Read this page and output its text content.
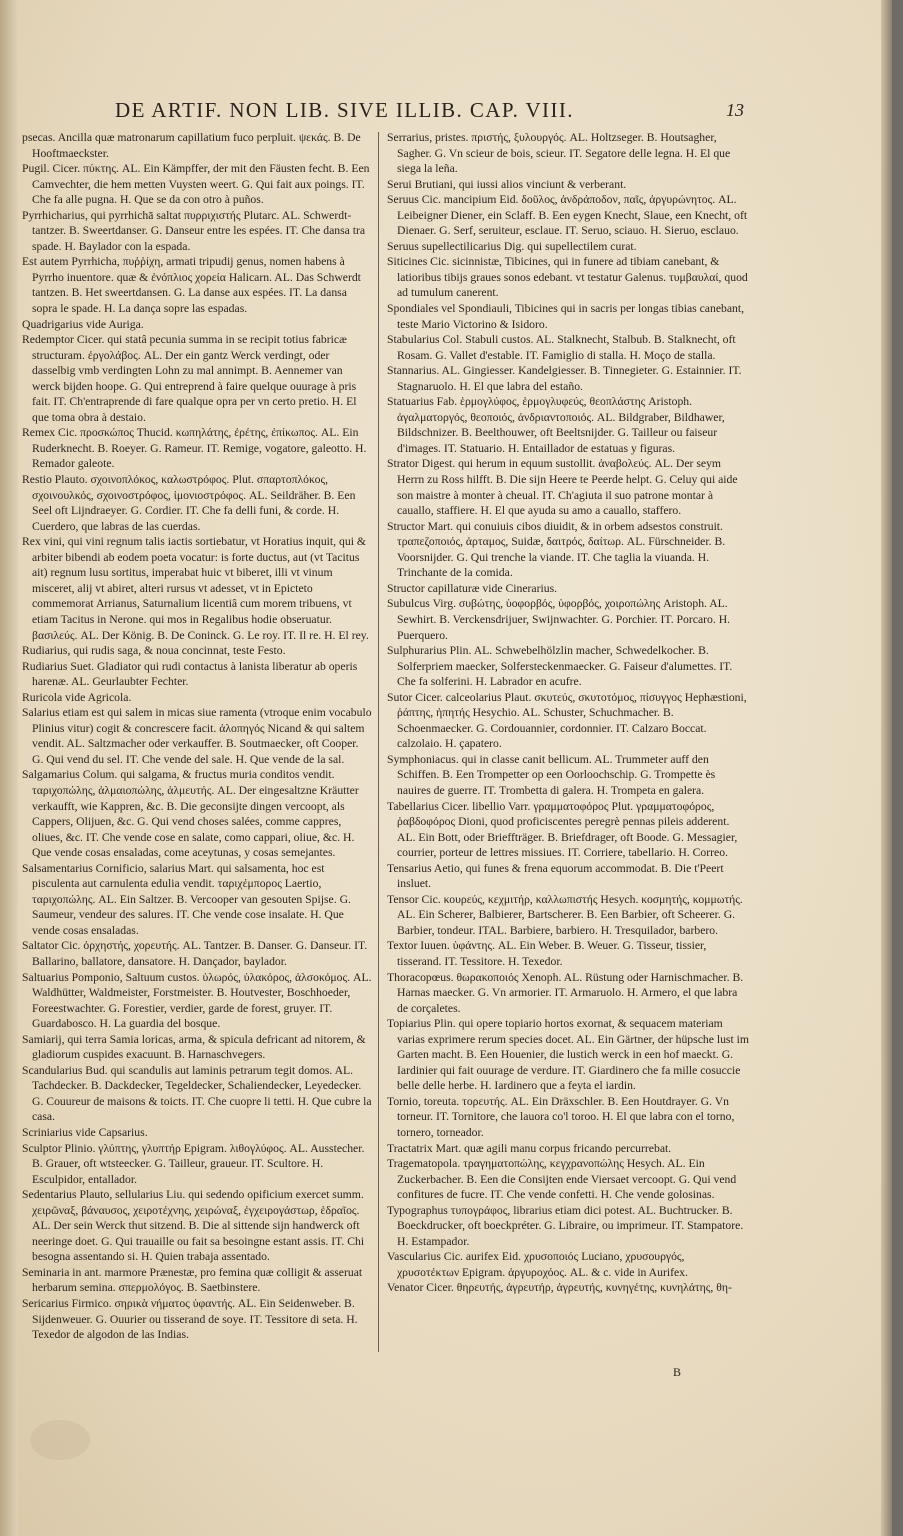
DE ARTIF. NON LIB. SIVE ILLIB. CAP. VIII.	13
psecas. Ancilla quæ matronarum capillatium fuco perpluit. ψεκάς. B. De Hooftmaeckster.
Pugil. Cicer. πύκτης. AL. Ein Kämpffer, der mit den Fäusten fecht. B. Een Camvechter, die hem metten Vuysten weert. G. Qui fait aux poings. IT. Che fa alle pugna. H. Que se da con otro à puños.
Pyrrhicharius, qui pyrrhichā saltat πυρριχιστής Plutarc. AL. Schwerdt-tantzer. B. Sweertdanser. G. Danseur entre les espées. IT. Che dansa tra spade. H. Baylador con la espada.
Est autem Pyrrhicha, πυῤῥίχη, armati tripudij genus, nomen habens à Pyrrho inuentore. quæ & ἐνόπλιος χορεία Halicarn. AL. Das Schwerdt tantzen. B. Het sweertdansen. G. La danse aux espées. IT. La dansa sopra le spade. H. La dança sopre las espadas.
Quadrigarius vide Auriga.
Redemptor Cicer. qui statâ pecunia summa in se recipit totius fabricæ structuram. ἐργολάβος. AL. Der ein gantz Werck verdingt, oder dasselbig vmb verdingten Lohn zu mal annimpt. B. Aennemer van werck bijden hoope. G. Qui entreprend à faire quelque ouurage à pris fait. IT. Ch'entraprende di fare qualque opra per vn certo pretio. H. El que toma obra à destaio.
Remex Cic. προσκώπος Thucid. κωπηλάτης, ἐρέτης, ἐπίκωπος. AL. Ein Ruderknecht. B. Roeyer. G. Rameur. IT. Remige, vogatore, galeotto. H. Remador galeote.
Restio Plauto. σχοινοπλόκος, καλωστρόφος. Plut. σπαρτοπλόκος, σχοινουλκός, σχοινοστρόφος, ἱμονιοστρόφος. AL. Seildräher. B. Een Seel oft Lijndraeyer. G. Cordier. IT. Che fa delli funi, & corde. H. Cuerdero, que labras de las cuerdas.
Rex vini, qui vini regnum talis iactis sortiebatur, vt Horatius inquit, qui & arbiter bibendi ab eodem poeta vocatur: is forte ductus, aut (vt Tacitus ait) regnum lusu sortitus, imperabat huic vt biberet, illi vt vinum misceret, alij vt abiret, alteri rursus vt adesset, vt in Epicteto commemorat Arrianus, Saturnalium licentiâ cum morem tribuens, vt etiam Tacitus in Nerone. qui mos in Regalibus hodie obseruatur. βασιλεύς. AL. Der König. B. De Coninck. G. Le roy. IT. Il re. H. El rey.
Rudiarius, qui rudis saga, & noua concinnat, teste Festo.
Rudiarius Suet. Gladiator qui rudi contactus à lanista liberatur ab operis harenæ. AL. Geurlaubter Fechter.
Ruricola vide Agricola.
Salarius etiam est qui salem in micas siue ramenta (vtroque enim vocabulo Plinius vitur) cogit & concrescere facit. ἁλοπηγός Nicand & qui saltem vendit. AL. Saltzmacher oder verkauffer. B. Soutmaecker, oft Cooper. G. Qui vend du sel. IT. Che vende del sale. H. Que vende de la sal.
Salgamarius Colum. qui salgama, & fructus muria conditos vendit. ταριχοπώλης, ἁλμαιοπώλης, ἁλμευτής. AL. Der eingesaltzne Kräutter verkaufft, wie Kappren, &c. B. Die geconsijte dingen vercoopt, als Cappers, Olijuen, &c. G. Qui vend choses salées, comme cappres, oliues, &c. IT. Che vende cose en salate, como cappari, oliue, &c. H. Que vende cosas ensaladas, come aceytunas, y cosas semejantes.
Salsamentarius Cornificio, salarius Mart. qui salsamenta, hoc est pisculenta aut carnulenta edulia vendit. ταριχέμπορος Laertio, ταριχοπώλης. AL. Ein Saltzer. B. Vercooper van gesouten Spijse. G. Saumeur, vendeur des salures. IT. Che vende cose insalate. H. Que vende cosas ensaladas.
Saltator Cic. ὀρχηστής, χορευτής. AL. Tantzer. B. Danser. G. Danseur. IT. Ballarino, ballatore, dansatore. H. Dançador, baylador.
Saltuarius Pomponio, Saltuum custos. ὑλωρός, ὑλακόρος, ἀλσοκόμος. AL. Waldhütter, Waldmeister, Forstmeister. B. Houtvester, Boschhoeder, Foreestwachter. G. Forestier, verdier, garde de forest, gruyer. IT. Guardabosco. H. La guardia del bosque.
Samiarij, qui terra Samia loricas, arma, & spicula defricant ad nitorem, & gladiorum cuspides exacuunt. B. Harnaschvegers.
Scandularius Bud. qui scandulis aut laminis petrarum tegit domos. AL. Tachdecker. B. Dackdecker, Tegeldecker, Schaliendecker, Leyedecker. G. Couureur de maisons & toicts. IT. Che cuopre li tetti. H. Que cubre la casa.
Scriniarius vide Capsarius.
Sculptor Plinio. γλύπτης, γλυπτήρ Epigram. λιθογλύφος. AL. Ausstecher. B. Grauer, oft wtsteecker. G. Tailleur, graueur. IT. Scultore. H. Esculpidor, entallador.
Sedentarius Plauto, sellularius Liu. qui sedendo opificium exercet summ. χειρῶναξ, βάναυσος, χειροτέχνης, χειρώναξ, ἐγχειρογάστωρ, ἑδραῖος. AL. Der sein Werck thut sitzend. B. Die al sittende sijn handwerck oft neeringe doet. G. Qui trauaille ou fait sa besoingne estant assis. IT. Chi besogna assentando si. H. Quien trabaja assentado.
Seminaria in ant. marmore Prænestæ, pro femina quæ colligit & asseruat herbarum semina. σπερμολόγος. B. Saetbinstere.
Sericarius Firmico. σηρικὰ νήματος ὑφαντής. AL. Ein Seidenweber. B. Sijdenweuer. G. Ouurier ou tisserand de soye. IT. Tessitore di seta. H. Texedor de algodon de las Indias.
Serrarius, pristes. πριστής, ξυλουργός. AL. Holtzseger. B. Houtsagher, Sagher. G. Vn scieur de bois, scieur. IT. Segatore delle legna. H. El que siega la leña.
Serui Brutiani, qui iussi alios vinciunt & verberant.
Seruus Cic. mancipium Eid. δοῦλος, ἀνδράποδον, παῖς, ἀργυρώνητος. AL. Leibeigner Diener, ein Sclaff. B. Een eygen Knecht, Slaue, een Knecht, oft Dienaer. G. Serf, seruiteur, esclaue. IT. Seruo, sciauo. H. Sieruo, esclauo.
Seruus supellectilicarius Dig. qui supellectilem curat.
Siticines Cic. sicinnistæ, Tibicines, qui in funere ad tibiam canebant, & latioribus tibijs graues sonos edebant. vt testatur Galenus. τυμβαυλαί, quod ad tumulum canerent.
Spondiales vel Spondiauli, Tibicines qui in sacris per longas tibias canebant, teste Mario Victorino & Isidoro.
Stabularius Col. Stabuli custos. AL. Stalknecht, Stalbub. B. Stalknecht, oft Rosam. G. Vallet d'estable. IT. Famiglio di stalla. H. Moço de stalla.
Stannarius. AL. Gingiesser. Kandelgiesser. B. Tinnegieter. G. Estainnier. IT. Stagnaruolo. H. El que labra del estaño.
Statuarius Fab. ἑρμογλύφος, ἑρμογλυφεύς, θεοπλάστης Aristoph. ἀγαλματοργός, θεοποιός, ἀνδριαντοποιός. AL. Bildgraber, Bildhawer, Bildschnizer. B. Beelthouwer, oft Beeltsnijder. G. Tailleur ou faiseur d'images. IT. Statuario. H. Entaillador de estatuas y figuras.
Strator Digest. qui herum in equum sustollit. ἀναβολεύς. AL. Der seym Herrn zu Ross hilfft. B. Die sijn Heere te Peerde helpt. G. Celuy qui aide son maistre à monter à cheual. IT. Ch'agiuta il suo patrone montar à cauallo, staffiere. H. El que ayuda su amo a cauallo, staffero.
Structor Mart. qui conuiuis cibos diuidit, & in orbem adsestos construit. τραπεζοποιός, ἀρταμος, Suidæ, δαιτρός, δαίτωρ. AL. Fürschneider. B. Voorsnijder. G. Qui trenche la viande. IT. Che taglia la viuanda. H. Trinchante de la comida.
Structor capillaturæ vide Cinerarius.
Subulcus Virg. συβώτης, ὑοφορβός, ὑφορβός, χοιροπώλης Aristoph. AL. Sewhirt. B. Verckensdrijuer, Swijnwachter. G. Porchier. IT. Porcaro. H. Puerquero.
Sulphurarius Plin. AL. Schwebelhölzlin macher, Schwedelkocher. B. Solferpriem maecker, Solfersteckenmaecker. G. Faiseur d'alumettes. IT. Che fa solferini. H. Labrador en acufre.
Sutor Cicer. calceolarius Plaut. σκυτεύς, σκυτοτόμος, πίσυγγος Hephæstioni, ῥάπτης, ἠπητής Hesychio. AL. Schuster, Schuchmacher. B. Schoenmaecker. G. Cordouannier, cordonnier. IT. Calzaro Boccat. calzolaio. H. çapatero.
Symphoniacus. qui in classe canit bellicum. AL. Trummeter auff den Schiffen. B. Een Trompetter op een Oorloochschip. G. Trompette ès nauires de guerre. IT. Trombetta di galera. H. Trompeta en galera.
Tabellarius Cicer. libellio Varr. γραμματοφόρος Plut. γραμματοφόρος, ῥαβδοφόρος Dioni, quod proficiscentes peregrè pennas pileis adderent. AL. Ein Bott, oder Brieffträger. B. Briefdrager, oft Boode. G. Messagier, courrier, porteur de lettres missiues. IT. Corriere, tabellario. H. Correo.
Tensarius Aetio, qui funes & frena equorum accommodat. B. Die t'Peert insluet.
Tensor Cic. κουρεύς, κεχμιτήρ, καλλωπιστής Hesych. κοσμητής, κομμωτής. AL. Ein Scherer, Balbierer, Bartscherer. B. Een Barbier, oft Scheerer. G. Barbier, tondeur. ITAL. Barbiere, barbiero. H. Tresquilador, barbero.
Textor Iuuen. ὑφάντης. AL. Ein Weber. B. Weuer. G. Tisseur, tissier, tisserand. IT. Tessitore. H. Texedor.
Thoracopœus. θωρακοποιός Xenoph. AL. Rüstung oder Harnischmacher. B. Harnas maecker. G. Vn armorier. IT. Armaruolo. H. Armero, el que labra de corçaletes.
Topiarius Plin. qui opere topiario hortos exornat, & sequacem materiam varias exprimere rerum species docet. AL. Ein Gärtner, der hüpsche lust im Garten macht. B. Een Houenier, die lustich werck in een hof maeckt. G. Iardinier qui fait ouurage de verdure. IT. Giardinero che fa mille cosuccie belle delle herbe. H. Iardinero que a feyta el iardin.
Tornio, toreuta. τορευτής. AL. Ein Dräxschler. B. Een Houtdrayer. G. Vn torneur. IT. Tornitore, che lauora co'l toroo. H. El que labra con el torno, tornero, torneador.
Tractatrix Mart. quæ agili manu corpus fricando percurrebat.
Tragematopola. τραγηματοπώλης, κεγχρανοπώλης Hesych. AL. Ein Zuckerbacher. B. Een die Consijten ende Viersaet vercoopt. G. Qui vend confitures de fucre. IT. Che vende confetti. H. Che vende golosinas.
Typographus τυπογράφος, librarius etiam dici potest. AL. Buchtrucker. B. Boeckdrucker, oft boeckpréter. G. Libraire, ou imprimeur. IT. Stampatore. H. Estampador.
Vascularius Cic. aurifex Eid. χρυσοποιός Luciano, χρυσουργός, χρυσοτέκτων Epigram. ἀργυροχόος. AL. & c. vide in Aurifex.
Venator Cicer. θηρευτής, ἀγρευτήρ, ἀγρευτής, κυνηγέτης, κυνηλάτης, θη-
B
